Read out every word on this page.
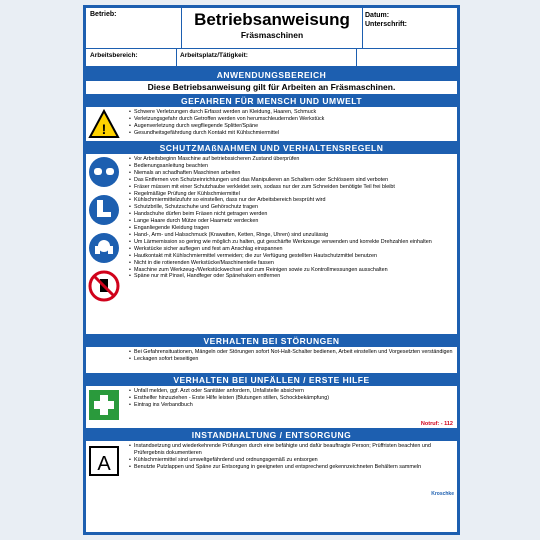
Betrieb:	Betriebsanweisung
Fräsmaschinen
Datum:
Unterschrift:
Arbeitsbereich:	Arbeitsplatz/Tätigkeit:
ANWENDUNGSBEREICH
Diese Betriebsanweisung gilt für Arbeiten an Fräsmaschinen.
GEFAHREN FÜR MENSCH UND UMWELT
!
• Schwere Verletzungen durch Erfasst werden an Kleidung, Haaren, Schmuck
• Verletzungsgefahr durch Getroffen werden von herumschleudernden Werkstück
• Augenverletzung durch wegfliegende Splitter/Späne
• Gesundheitsgefährdung durch Kontakt mit Kühlschmiermittel
SCHUTZMAßNAHMEN UND VERHALTENSREGELN
• Vor Arbeitsbeginn Maschine auf betriebssicheren Zustand überprüfen
• Bedienungsanleitung beachten
• Niemals an schadhaften Maschinen arbeiten
• Das Entfernen von Schutzeinrichtungen und das Manipulieren an Schaltern oder Schlössern sind verboten
• Fräser müssen mit einer Schutzhaube verkleidet sein, sodass nur der zum Schneiden benötigte Teil frei bleibt
• Regelmäßige Prüfung der Kühlschmiermittel
• Kühlschmiermittelzufuhr so einstellen, dass nur der Arbeitsbereich besprüht wird
• Schutzbrille, Schutzschuhe und Gehörschutz tragen
• Handschuhe dürfen beim Fräsen nicht getragen werden
• Lange Haare durch Mütze oder Haarnetz verdecken
• Enganliegende Kleidung tragen
• Hand-, Arm- und Halsschmuck (Krawatten, Ketten, Ringe, Uhren) sind unzulässig
• Um Lärmemission so gering wie möglich zu halten, gut geschärfte Werkzeuge verwenden und korrekte Drehzahlen einhalten
• Werkstücke sicher auflegen und fest am Anschlag einspannen
• Hautkontakt mit Kühlschmiermittel vermeiden; die zur Verfügung gestellten Hautschutzmittel benutzen
• Nicht in die rotierenden Werkstücke/Maschinenteile fassen
• Maschine zum Werkzeug-/Werkstückwechsel und zum Reinigen sowie zu Kontrollmessungen ausschalten
• Späne nur mit Pinsel, Handfeger oder Spänehaken entfernen
VERHALTEN BEI STÖRUNGEN
• Bei Gefahrensituationen, Mängeln oder Störungen sofort Not-Halt-Schalter bedienen, Arbeit einstellen und Vorgesetzten verständigen
• Leckagen sofort beseitigen
VERHALTEN BEI UNFÄLLEN / ERSTE HILFE
• Unfall melden, ggf. Arzt oder Sanitäter anfordern, Unfallstelle absichern
• Ersthelfer hinzuziehen - Erste Hilfe leisten (Blutungen stillen, Schockbekämpfung)
• Eintrag ins Verbandbuch
Notruf: - 112
INSTANDHALTUNG / ENTSORGUNG
A
• Instandsetzung und wiederkehrende Prüfungen durch eine befähigte und dafür beauftragte Person; Prüffristen beachten und Prüfergebnis dokumentieren
• Kühlschmiermittel sind umweltgefährdend und ordnungsgemäß zu entsorgen
• Benutzte Putzlappen und Späne zur Entsorgung in geeigneten und entsprechend gekennzeichneten Behältern sammeln
Kroschke
